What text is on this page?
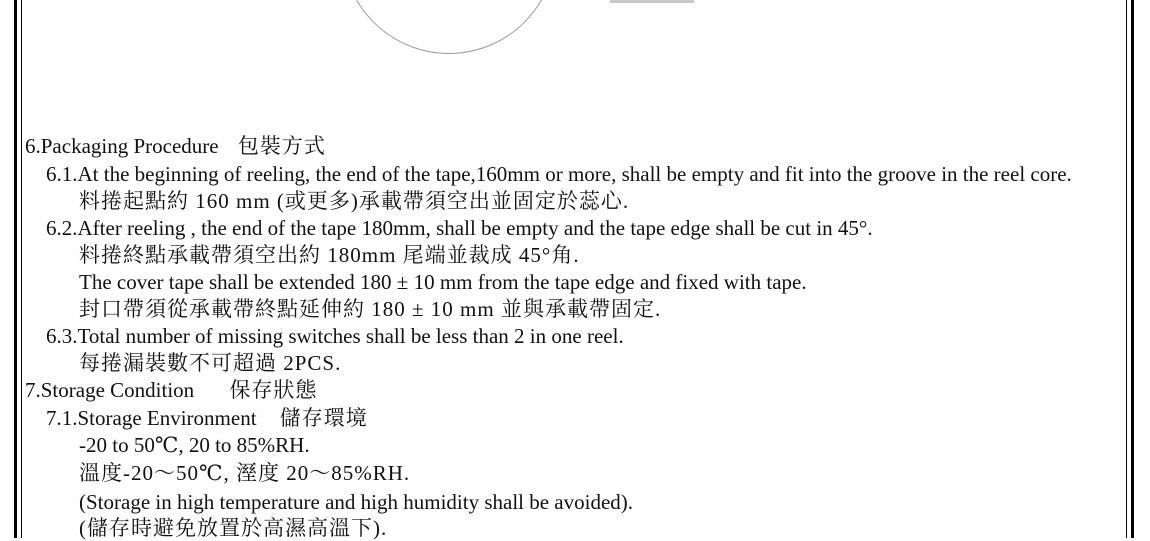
6.Packaging Procedure 包裝方式
6.1.At the beginning of reeling, the end of the tape,160mm or more, shall be empty and fit into the groove in the reel core.
料捲起點約 160 mm (或更多)承載帶須空出並固定於蕊心.
6.2.After reeling , the end of the tape 180mm, shall be empty and the tape edge shall be cut in 45°.
料捲終點承載帶須空出約 180mm 尾端並裁成 45°角.
The cover tape shall be extended 180 ± 10 mm from the tape edge and fixed with tape.
封口帶須從承載帶終點延伸約 180 ± 10 mm 並與承載帶固定.
6.3.Total number of missing switches shall be less than 2 in one reel.
每捲漏裝數不可超過 2PCS.
7.Storage Condition 保存狀態
7.1.Storage Environment 儲存環境
-20 to 50℃, 20 to 85%RH.
溫度-20～50℃, 溼度 20～85%RH.
(Storage in high temperature and high humidity shall be avoided).
(儲存時避免放置於高濕高溫下).
